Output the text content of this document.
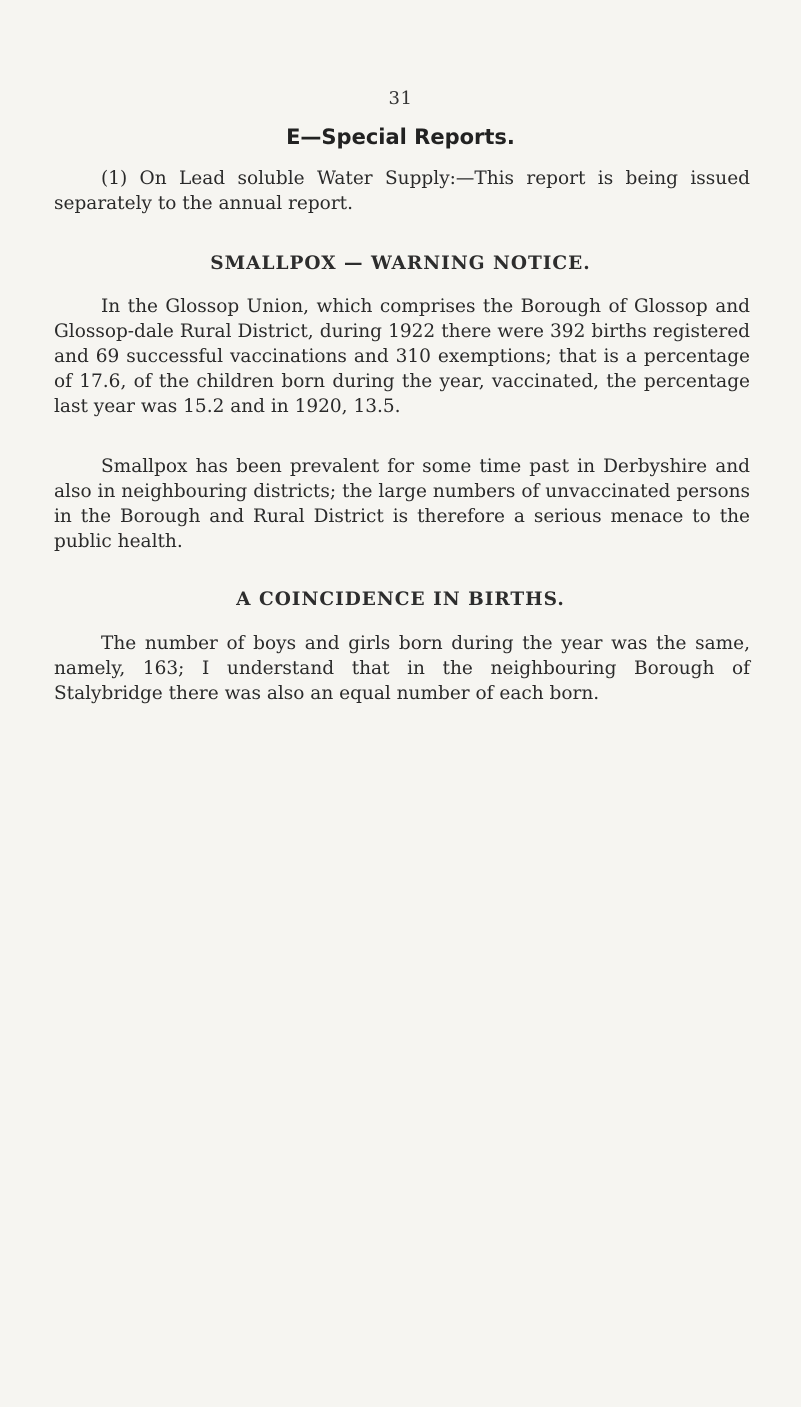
31
E—Special Reports.

(1) On Lead soluble Water Supply:—This report is being issued separately to the annual report.

SMALLPOX — WARNING NOTICE.

In the Glossop Union, which comprises the Borough of Glossop and Glossop-dale Rural District, during 1922 there were 392 births registered and 69 successful vaccinations and 310 exemptions; that is a percentage of 17.6, of the children born during the year, vaccinated, the percentage last year was 15.2 and in 1920, 13.5.

Smallpox has been prevalent for some time past in Derbyshire and also in neighbouring districts; the large numbers of unvaccinated persons in the Borough and Rural District is therefore a serious menace to the public health.

A COINCIDENCE IN BIRTHS.

The number of boys and girls born during the year was the same, namely, 163; I understand that in the neighbouring Borough of Stalybridge there was also an equal number of each born.
